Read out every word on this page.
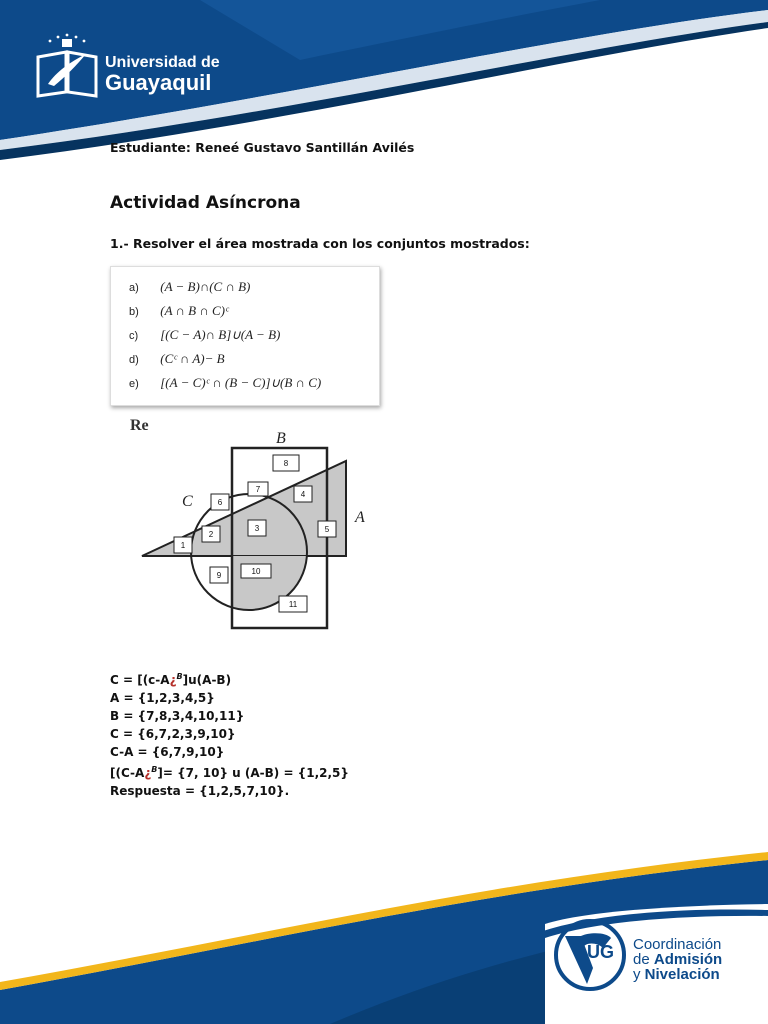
Universidad de
Guayaquil
Estudiante: Reneé Gustavo Santillán Avilés
Actividad Asíncrona
1.- Resolver el área mostrada con los conjuntos mostrados:
a) (A − B)∩(C ∩ B)
b) (A ∩ B ∩ C)ᶜ
c) [(C − A)∩ B]∪(A − B)
d) (Cᶜ ∩ A)− B
e) [(A − C)ᶜ ∩ (B − C)]∪(B ∩ C)
Re
B
C
A
1
2
3
4
5
6
7
8
9	10
11
C = [(c-A¿$^B$]u(A-B)
A = {1,2,3,4,5}
B = {7,8,3,4,10,11}
C = {6,7,2,3,9,10}
C-A = {6,7,9,10}
[(C-A¿$^B$]= {7, 10} u (A-B) = {1,2,5}
Respuesta = {1,2,5,7,10}.
UG Coordinación
de Admisión
y Nivelación
